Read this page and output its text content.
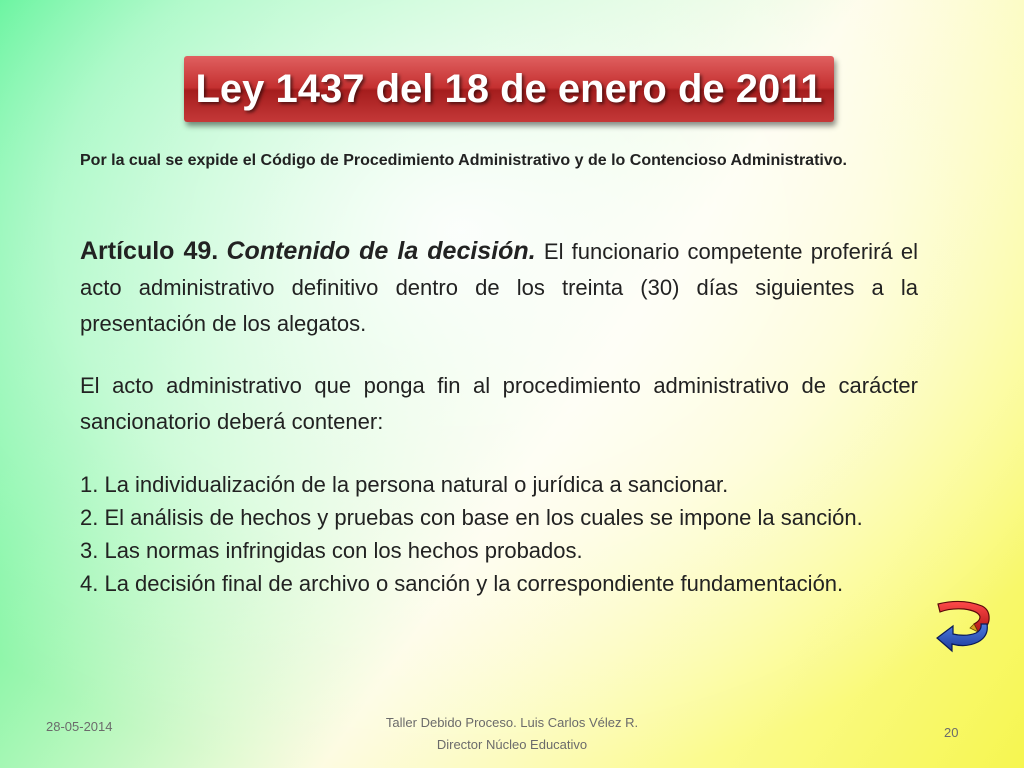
Ley 1437 del 18 de enero de 2011
Por la cual se expide el Código de Procedimiento Administrativo y de lo Contencioso Administrativo.
Artículo 49. Contenido de la decisión. El funcionario competente proferirá el acto administrativo definitivo dentro de los treinta (30) días siguientes a la presentación de los alegatos.
El acto administrativo que ponga fin al procedimiento administrativo de carácter sancionatorio deberá contener:
1. La individualización de la persona natural o jurídica a sancionar.
2. El análisis de hechos y pruebas con base en los cuales se impone la sanción.
3. Las normas infringidas con los hechos probados.
4. La decisión final de archivo o sanción y la correspondiente fundamentación.
28-05-2014	Taller Debido Proceso. Luis Carlos Vélez R.
Director Núcleo Educativo
20
